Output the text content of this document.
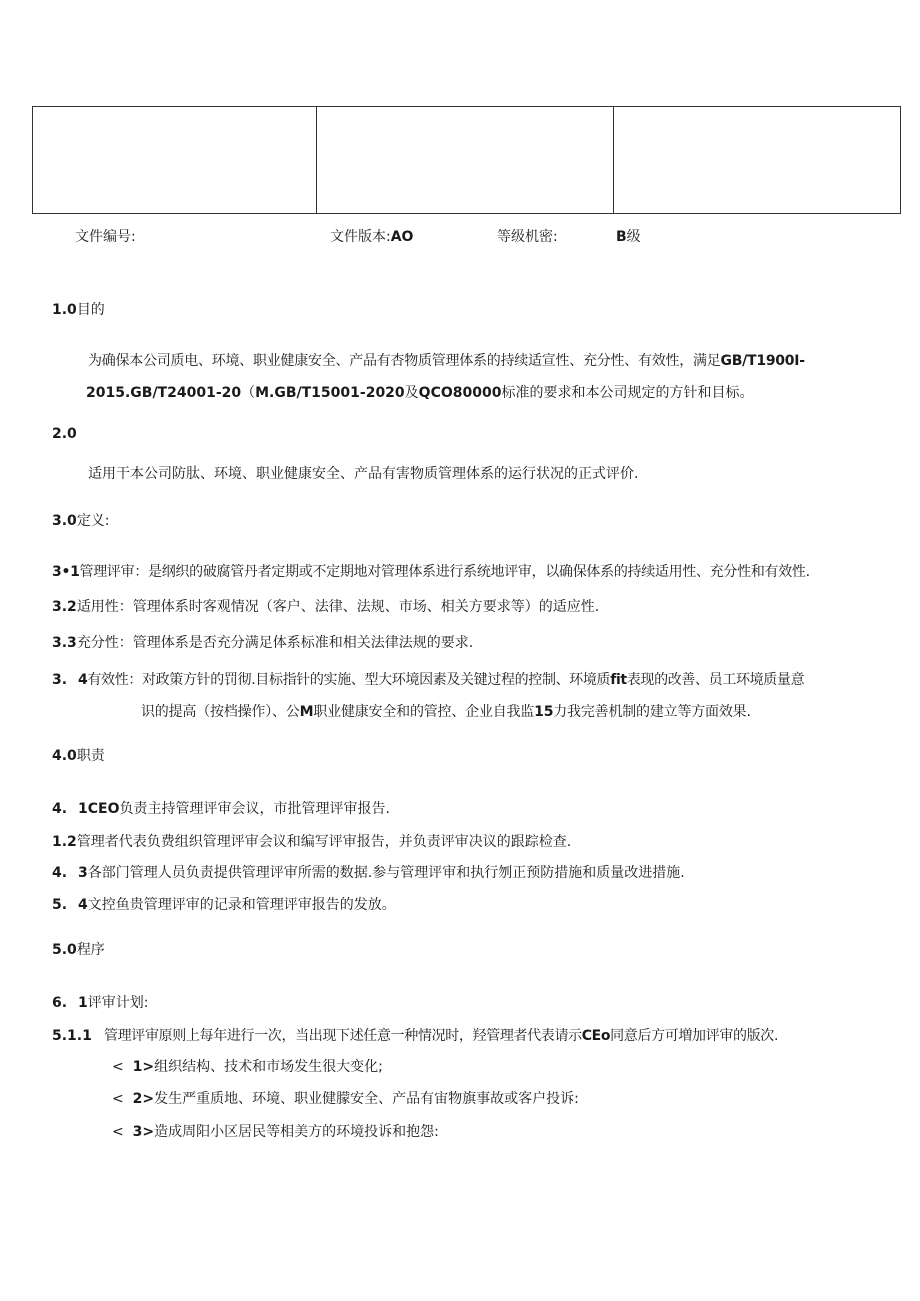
文件编号:	文件版本:AO	等级机密:	B级
1.0目的
为确保本公司质电、环境、职业健康安全、产品有杏物质管理体系的持续适宣性、充分性、有效性，满足GB/T1900I-
2015.GB/T24001-20（M.GB/T15001-2020及QCO80000标准的要求和本公司规定的方针和目标。
2.0
适用干本公司防肽、环境、职业健康安全、产品有害物质管理体系的运行状况的正式评价.
3.0定义:
3•1管理评审：是纲织的破腐管丹者定期或不定期地对管理体系进行系统地评审，以确保体系的持续适用性、充分性和有效性.
3.2适用性：管理体系时客观情况（客户、法律、法规、市场、相关方要求等）的适应性.
3.3充分性：管理体系是否充分满足体系标准和相关法律法规的要求.
3. 4有效性：对政策方针的罚彻.目标指针的实施、型大环境因素及关键过程的控制、环境质fit表现的改善、员工环境质量意
识的提高（按档操作）、公M职业健康安全和的管控、企业自我监15力我完善机制的建立等方面效果.
4.0职责
4. 1CEO负责主持管理评审会议，市批管理评审报告.
1.2管理者代表负费组织管理评审会议和编写评审报告，并负责评审决议的跟踪检查.
4. 3各部门管理人员负责提供管理评审所需的数据.参与管理评审和执行刎正预防措施和质量改进措施.
5. 4文控鱼贵管理评审的记录和管理评审报告的发放。
5.0程序
6. 1评审计划:
5.1.1 管理评审原则上每年进行一次，当出现下述任意一种情况时，羟管理者代表请示CEo同意后方可増加评审的版次.
< 1>组织结构、技术和市场发生很大变化;
< 2>发生严重质地、环境、职业健朦安全、产品有宙物旗事故或客户投诉:
< 3>造成周阳小区居民等相美方的环境投诉和抱怨:
